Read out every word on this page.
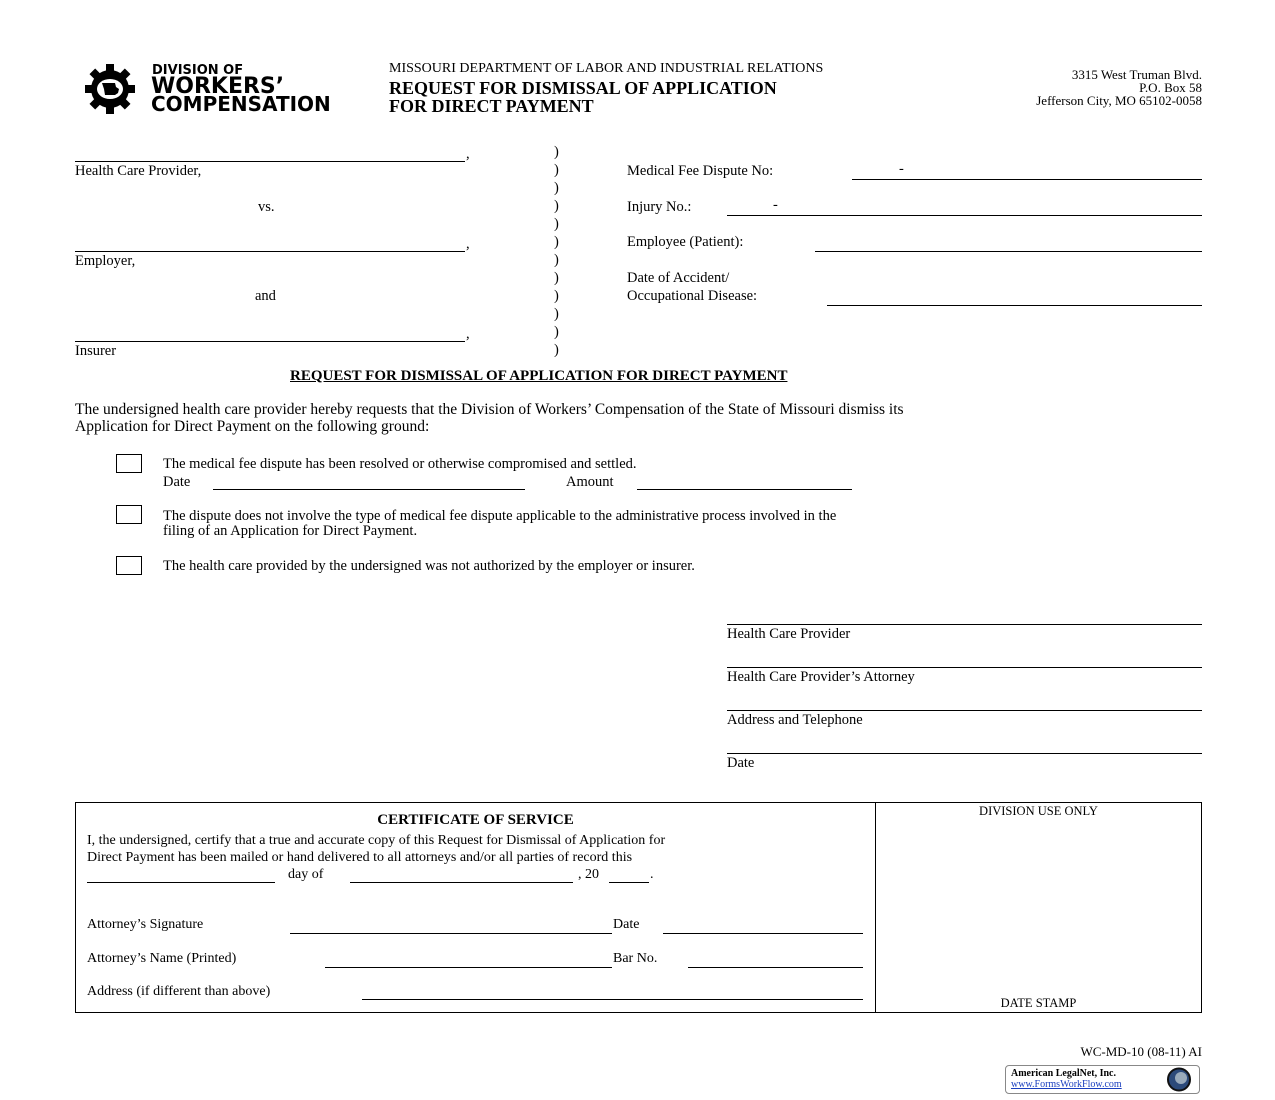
DIVISION OF
WORKERS’
COMPENSATION
MISSOURI DEPARTMENT OF LABOR AND INDUSTRIAL RELATIONS
REQUEST FOR DISMISSAL OF APPLICATION
FOR DIRECT PAYMENT
3315 West Truman Blvd.
P.O. Box 58
Jefferson City, MO 65102-0058
,
Health Care Provider,
vs.
,
Employer,
and
,
Insurer
)
)
)
)
)
)
)
)
)
)
)
)
Medical Fee Dispute No:	-
Injury No.:	-
Employee (Patient):
Date of Accident/
Occupational Disease:
REQUEST FOR DISMISSAL OF APPLICATION FOR DIRECT PAYMENT
The undersigned health care provider hereby requests that the Division of Workers’ Compensation of the State of Missouri dismiss its
Application for Direct Payment on the following ground:
The medical fee dispute has been resolved or otherwise compromised and settled.
Date	Amount
The dispute does not involve the type of medical fee dispute applicable to the administrative process involved in the
filing of an Application for Direct Payment.
The health care provided by the undersigned was not authorized by the employer or insurer.
Health Care Provider
Health Care Provider’s Attorney
Address and Telephone
Date
CERTIFICATE OF SERVICE
I, the undersigned, certify that a true and accurate copy of this Request for Dismissal of Application for
Direct Payment has been mailed or hand delivered to all attorneys and/or all parties of record this
day of	, 20	.
Attorney’s Signature	Date
Attorney’s Name (Printed)	Bar No.
Address (if different than above)
DIVISION USE ONLY
DATE STAMP
WC-MD-10 (08-11) AI
American LegalNet, Inc.
www.FormsWorkFlow.com
